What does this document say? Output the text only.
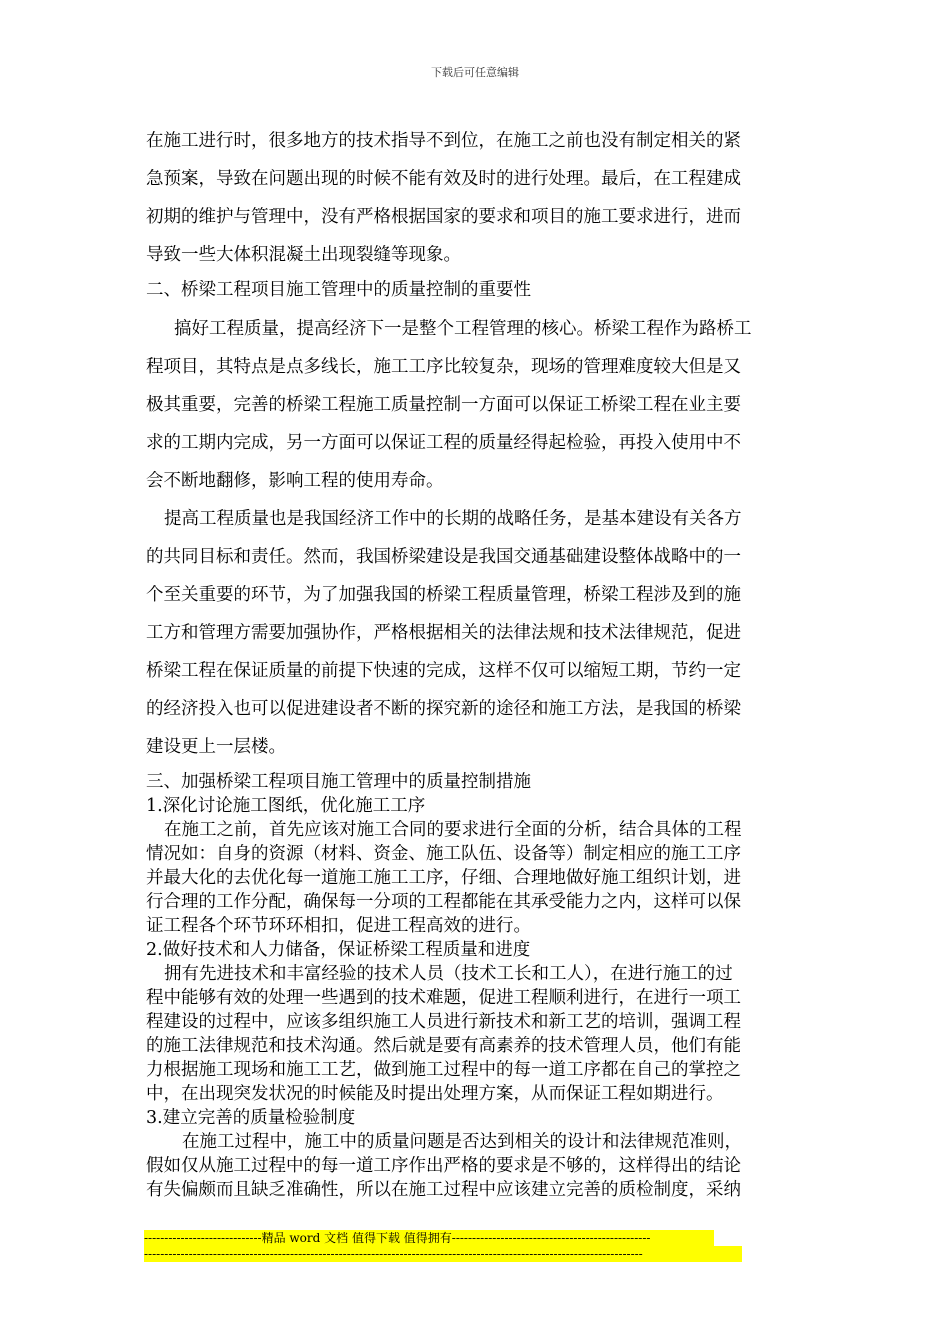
下载后可任意编辑
在施工进行时，很多地方的技术指导不到位，在施工之前也没有制定相关的紧
急预案，导致在问题出现的时候不能有效及时的进行处理。最后，在工程建成
初期的维护与管理中，没有严格根据国家的要求和项目的施工要求进行，进而
导致一些大体积混凝土出现裂缝等现象。
二、桥梁工程项目施工管理中的质量控制的重要性
搞好工程质量，提高经济下一是整个工程管理的核心。桥梁工程作为路桥工
程项目，其特点是点多线长，施工工序比较复杂，现场的管理难度较大但是又
极其重要，完善的桥梁工程施工质量控制一方面可以保证工桥梁工程在业主要
求的工期内完成，另一方面可以保证工程的质量经得起检验，再投入使用中不
会不断地翻修，影响工程的使用寿命。
提高工程质量也是我国经济工作中的长期的战略任务，是基本建设有关各方
的共同目标和责任。然而，我国桥梁建设是我国交通基础建设整体战略中的一
个至关重要的环节，为了加强我国的桥梁工程质量管理，桥梁工程涉及到的施
工方和管理方需要加强协作，严格根据相关的法律法规和技术法律规范，促进
桥梁工程在保证质量的前提下快速的完成，这样不仅可以缩短工期，节约一定
的经济投入也可以促进建设者不断的探究新的途径和施工方法，是我国的桥梁
建设更上一层楼。
三、加强桥梁工程项目施工管理中的质量控制措施
1.深化讨论施工图纸，优化施工工序
在施工之前，首先应该对施工合同的要求进行全面的分析，结合具体的工程
情况如：自身的资源（材料、资金、施工队伍、设备等）制定相应的施工工序
并最大化的去优化每一道施工施工工序，仔细、合理地做好施工组织计划，进
行合理的工作分配，确保每一分项的工程都能在其承受能力之内，这样可以保
证工程各个环节环环相扣，促进工程高效的进行。
2.做好技术和人力储备，保证桥梁工程质量和进度
拥有先进技术和丰富经验的技术人员（技术工长和工人），在进行施工的过
程中能够有效的处理一些遇到的技术难题，促进工程顺利进行，在进行一项工
程建设的过程中，应该多组织施工人员进行新技术和新工艺的培训，强调工程
的施工法律规范和技术沟通。然后就是要有高素养的技术管理人员，他们有能
力根据施工现场和施工工艺，做到施工过程中的每一道工序都在自己的掌控之
中，在出现突发状况的时候能及时提出处理方案，从而保证工程如期进行。
3.建立完善的质量检验制度
在施工过程中，施工中的质量问题是否达到相关的设计和法律规范准则，
假如仅从施工过程中的每一道工序作出严格的要求是不够的，这样得出的结论
有失偏颇而且缺乏准确性，所以在施工过程中应该建立完善的质检制度，采纳
-----------------------------精品 word 文档 值得下载 值得拥有-------------------------------------------------
---------------------------------------------------------------------------------------------------------------------------
